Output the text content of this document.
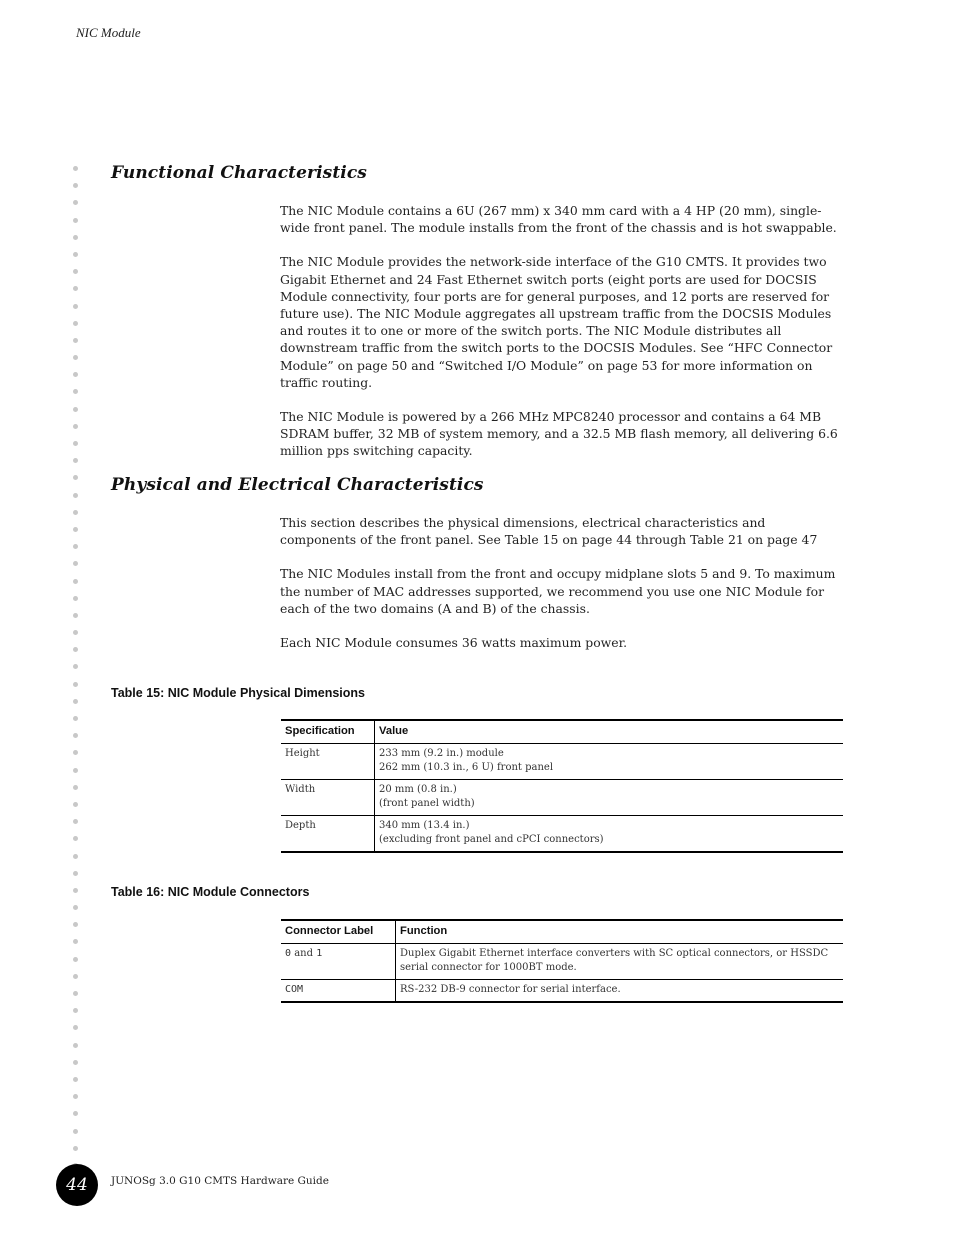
NIC Module
Functional Characteristics

The NIC Module contains a 6U (267 mm) x 340 mm card with a 4 HP (20 mm), single-wide front panel. The module installs from the front of the chassis and is hot swappable.

The NIC Module provides the network-side interface of the G10 CMTS. It provides two Gigabit Ethernet and 24 Fast Ethernet switch ports (eight ports are used for DOCSIS Module connectivity, four ports are for general purposes, and 12 ports are reserved for future use). The NIC Module aggregates all upstream traffic from the DOCSIS Modules and routes it to one or more of the switch ports. The NIC Module distributes all downstream traffic from the switch ports to the DOCSIS Modules. See “HFC Connector Module” on page 50 and “Switched I/O Module” on page 53 for more information on traffic routing.

The NIC Module is powered by a 266 MHz MPC8240 processor and contains a 64 MB SDRAM buffer, 32 MB of system memory, and a 32.5 MB flash memory, all delivering 6.6 million pps switching capacity.

Physical and Electrical Characteristics

This section describes the physical dimensions, electrical characteristics and components of the front panel. See Table 15 on page 44 through Table 21 on page 47

The NIC Modules install from the front and occupy midplane slots 5 and 9. To maximum the number of MAC addresses supported, we recommend you use one NIC Module for each of the two domains (A and B) of the chassis.

Each NIC Module consumes 36 watts maximum power.

Table 15: NIC Module Physical Dimensions
Specification	Value
Height	233 mm (9.2 in.) module
262 mm (10.3 in., 6 U) front panel

Width	20 mm (0.8 in.)
(front panel width)

Depth	340 mm (13.4 in.)
(excluding front panel and cPCI connectors)
Table 16: NIC Module Connectors
Connector Label	Function
0 and 1	Duplex Gigabit Ethernet interface converters with SC optical connectors, or HSSDC serial connector for 1000BT mode.
COM	RS-232 DB-9 connector for serial interface.
44 JUNOSg 3.0 G10 CMTS Hardware Guide
